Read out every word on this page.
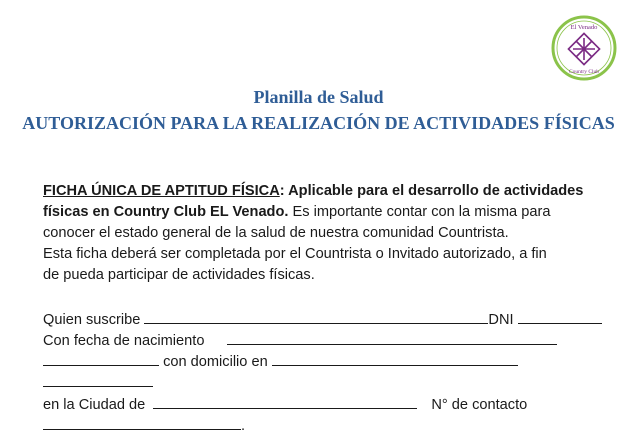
El Venado
Country Club
Planilla de Salud
AUTORIZACIÓN PARA LA REALIZACIÓN DE ACTIVIDADES FÍSICAS
FICHA ÚNICA DE APTITUD FÍSICA: Aplicable para el desarrollo de actividades
físicas en Country Club EL Venado. Es importante contar con la misma para
conocer el estado general de la salud de nuestra comunidad Countrista.
Esta ficha deberá ser completada por el Countrista o Invitado autorizado, a fin
de pueda participar de actividades físicas.
Quien suscribe	DNI
Con fecha de nacimiento
con domicilio en
en la Ciudad de	N° de contacto
.
